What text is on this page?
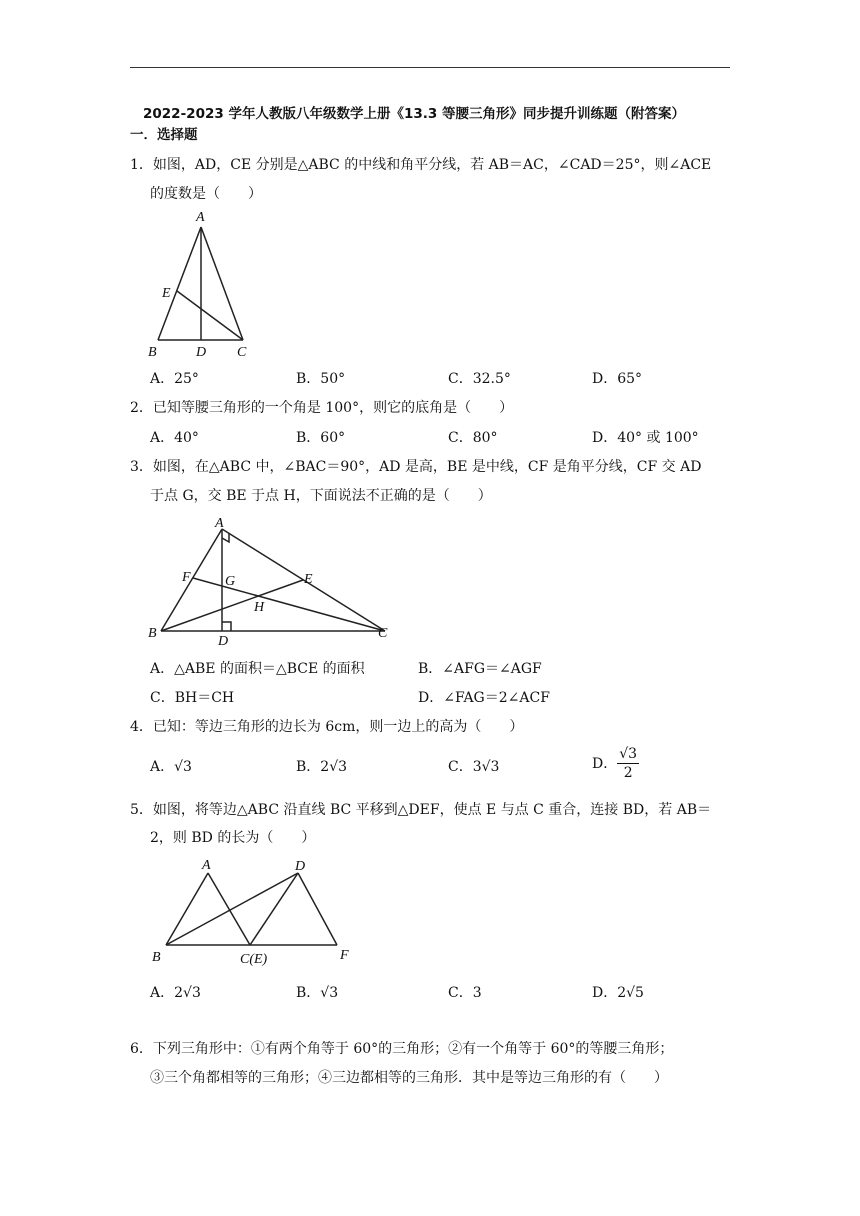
2022-2023 学年人教版八年级数学上册《13.3 等腰三角形》同步提升训练题（附答案）
一．选择题
1．如图，AD，CE 分别是△ABC 的中线和角平分线，若 AB＝AC，∠CAD＝25°，则∠ACE
的度数是（　　）
A
E
B	D C
A．25°	B．50°	C．32.5°	D．65°
2．已知等腰三角形的一个角是 100°，则它的底角是（　　）
A．40°	B．60°	C．80°	D．40° 或 100°
3．如图，在△ABC 中，∠BAC＝90°，AD 是高，BE 是中线，CF 是角平分线，CF 交 AD
于点 G，交 BE 于点 H，下面说法不正确的是（　　）
A
F G	E
H
B
D
C
A．△ABE 的面积＝△BCE 的面积	B．∠AFG＝∠AGF
C．BH＝CH	D．∠FAG＝2∠ACF
4．已知：等边三角形的边长为 6cm，则一边上的高为（　　）
A．√3	B．2√3	C．3√3	D． $\frac{√3}{2}$
5．如图，将等边△ABC 沿直线 BC 平移到△DEF，使点 E 与点 C 重合，连接 BD，若 AB＝
2，则 BD 的长为（　　）
A	D
B	C(E)	F
A．2√3	B．√3	C．3	D．2√5
6．下列三角形中：①有两个角等于 60°的三角形；②有一个角等于 60°的等腰三角形；
③三个角都相等的三角形；④三边都相等的三角形．其中是等边三角形的有（　　）
